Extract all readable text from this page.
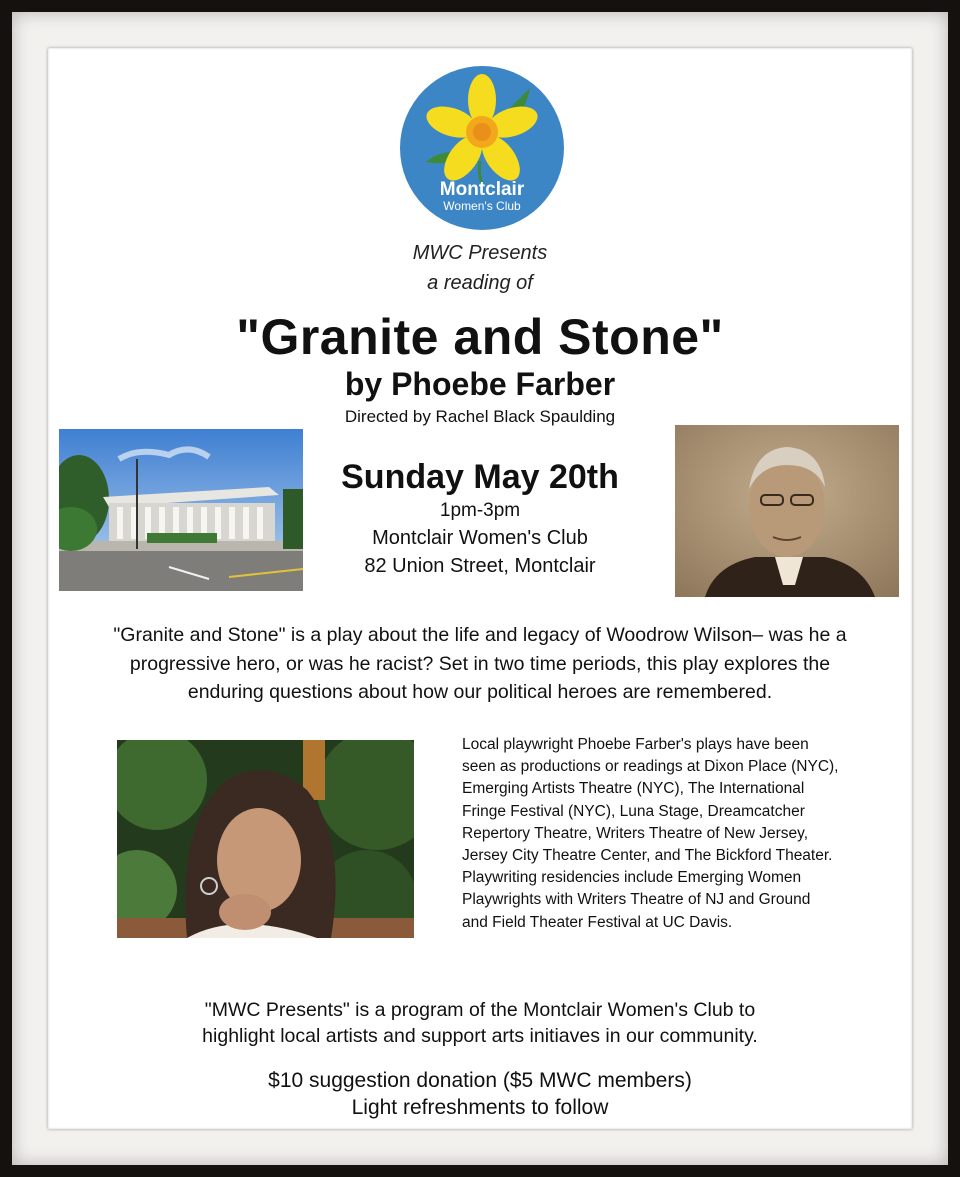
Montclair
Women's Club
MWC Presents
a reading of
"Granite and Stone"
by Phoebe Farber
Directed by Rachel Black Spaulding
Sunday May 20th
1pm-3pm
Montclair Women's Club
82 Union Street, Montclair
"Granite and Stone" is a play about the life and legacy of Woodrow Wilson– was he a
progressive hero, or was he racist? Set in two time periods, this play explores the
enduring questions about how our political heroes are remembered.
Local playwright Phoebe Farber's plays have been
seen as productions or readings at Dixon Place (NYC),
Emerging Artists Theatre (NYC), The International
Fringe Festival (NYC), Luna Stage, Dreamcatcher
Repertory Theatre, Writers Theatre of New Jersey,
Jersey City Theatre Center, and The Bickford Theater.
Playwriting residencies include Emerging Women
Playwrights with Writers Theatre of NJ and Ground
and Field Theater Festival at UC Davis.
"MWC Presents" is a program of the Montclair Women's Club to
highlight local artists and support arts initiaves in our community.
$10 suggestion donation ($5 MWC members)
Light refreshments to follow
